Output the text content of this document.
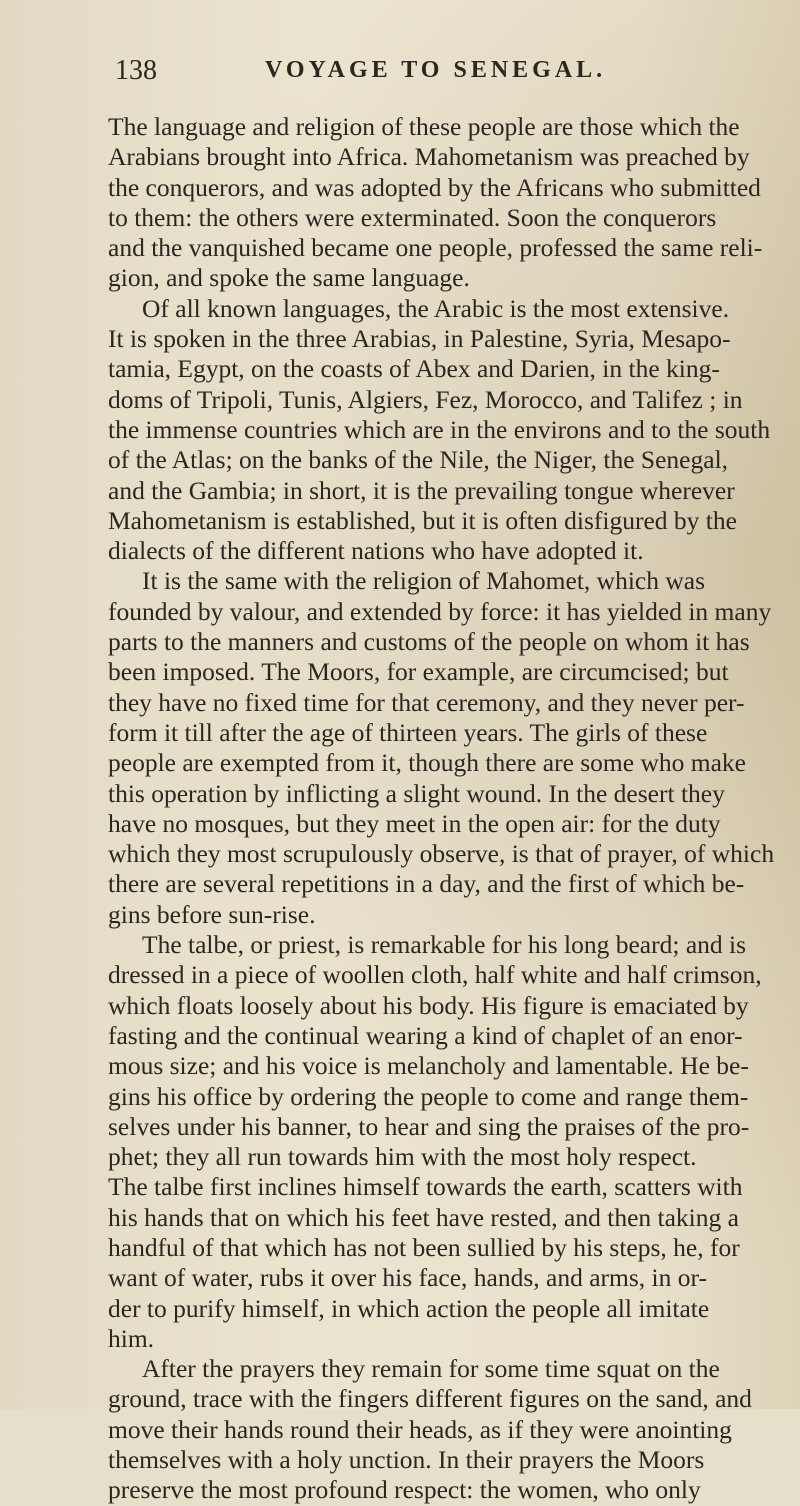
138	VOYAGE TO SENEGAL.
The language and religion of these people are those which the
Arabians brought into Africa. Mahometanism was preached by
the conquerors, and was adopted by the Africans who submitted
to them: the others were exterminated. Soon the conquerors
and the vanquished became one people, professed the same reli-
gion, and spoke the same language.
Of all known languages, the Arabic is the most extensive.
It is spoken in the three Arabias, in Palestine, Syria, Mesapo-
tamia, Egypt, on the coasts of Abex and Darien, in the king-
doms of Tripoli, Tunis, Algiers, Fez, Morocco, and Talifez ; in
the immense countries which are in the environs and to the south
of the Atlas; on the banks of the Nile, the Niger, the Senegal,
and the Gambia; in short, it is the prevailing tongue wherever
Mahometanism is established, but it is often disfigured by the
dialects of the different nations who have adopted it.
It is the same with the religion of Mahomet, which was
founded by valour, and extended by force: it has yielded in many
parts to the manners and customs of the people on whom it has
been imposed. The Moors, for example, are circumcised; but
they have no fixed time for that ceremony, and they never per-
form it till after the age of thirteen years. The girls of these
people are exempted from it, though there are some who make
this operation by inflicting a slight wound. In the desert they
have no mosques, but they meet in the open air: for the duty
which they most scrupulously observe, is that of prayer, of which
there are several repetitions in a day, and the first of which be-
gins before sun-rise.
The talbe, or priest, is remarkable for his long beard; and is
dressed in a piece of woollen cloth, half white and half crimson,
which floats loosely about his body. His figure is emaciated by
fasting and the continual wearing a kind of chaplet of an enor-
mous size; and his voice is melancholy and lamentable. He be-
gins his office by ordering the people to come and range them-
selves under his banner, to hear and sing the praises of the pro-
phet; they all run towards him with the most holy respect.
The talbe first inclines himself towards the earth, scatters with
his hands that on which his feet have rested, and then taking a
handful of that which has not been sullied by his steps, he, for
want of water, rubs it over his face, hands, and arms, in or-
der to purify himself, in which action the people all imitate
him.
After the prayers they remain for some time squat on the
ground, trace with the fingers different figures on the sand, and
move their hands round their heads, as if they were anointing
themselves with a holy unction. In their prayers the Moors
preserve the most profound respect: the women, who only
